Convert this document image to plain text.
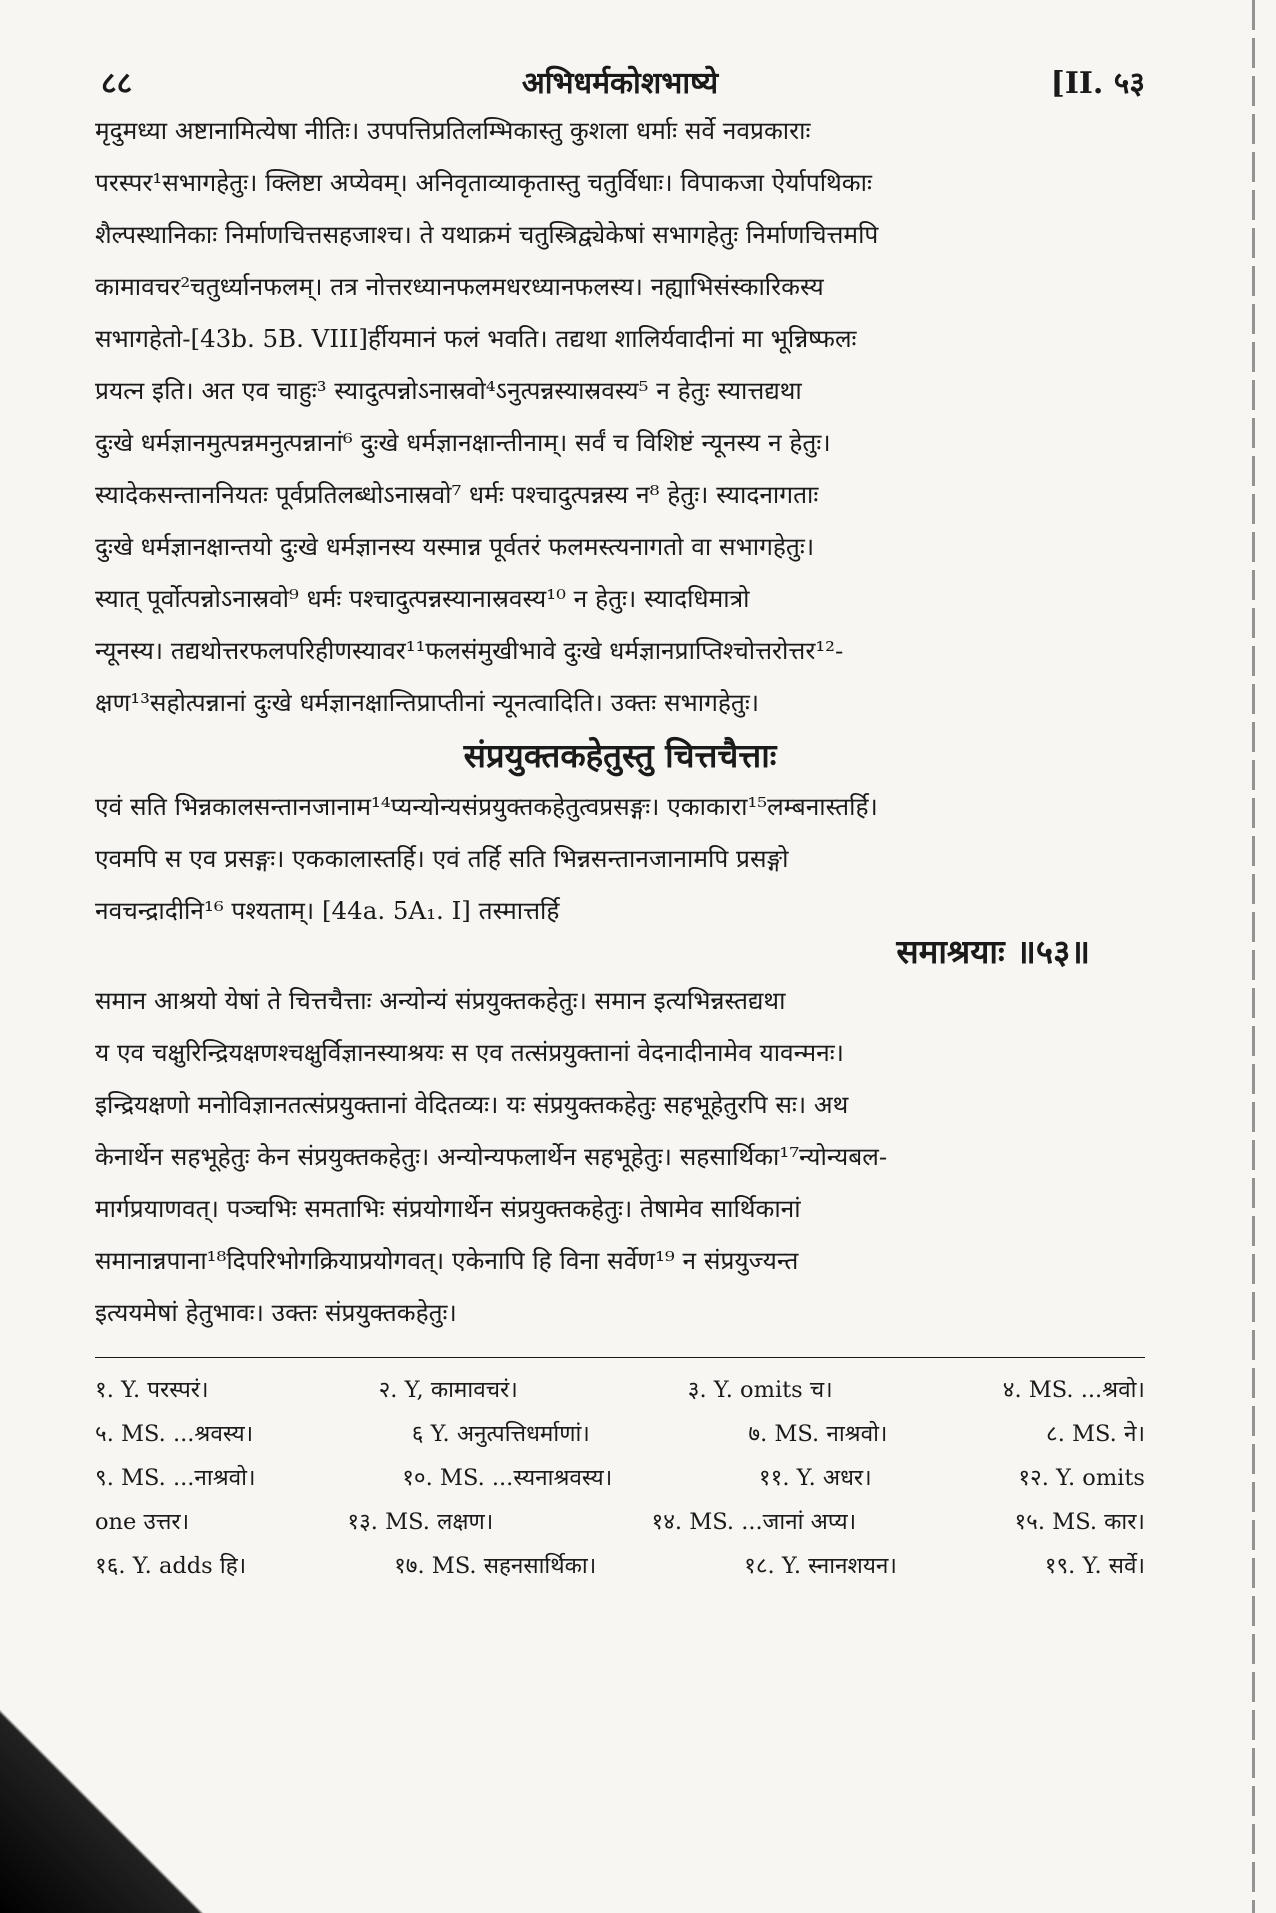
८८	अभिधर्मकोशभाष्ये	[II. ५३

मृदुमध्या अष्टानामित्येषा नीतिः। उपपत्तिप्रतिलम्भिकास्तु कुशला धर्माः सर्वे नवप्रकाराः

परस्पर¹सभागहेतुः। क्लिष्टा अप्येवम्। अनिवृताव्याकृतास्तु चतुर्विधाः। विपाकजा ऐर्यापथिकाः

शैल्पस्थानिकाः निर्माणचित्तसहजाश्च। ते यथाक्रमं चतुस्त्रिद्व्येकेषां सभागहेतुः निर्माणचित्तमपि

कामावचर²चतुर्ध्यानफलम्। तत्र नोत्तरध्यानफलमधरध्यानफलस्य। नह्याभिसंस्कारिकस्य

सभागहेतो-[43b. 5B. VIII]र्हीयमानं फलं भवति। तद्यथा शालिर्यवादीनां मा भून्निष्फलः

प्रयत्न इति। अत एव चाहुः³ स्यादुत्पन्नोऽनास्रवो⁴ऽनुत्पन्नस्यास्रवस्य⁵ न हेतुः स्यात्तद्यथा

दुःखे धर्मज्ञानमुत्पन्नमनुत्पन्नानां⁶ दुःखे धर्मज्ञानक्षान्तीनाम्। सर्वं च विशिष्टं न्यूनस्य न हेतुः।

स्यादेकसन्ताननियतः पूर्वप्रतिलब्धोऽनास्रवो⁷ धर्मः पश्चादुत्पन्नस्य न⁸ हेतुः। स्यादनागताः

दुःखे धर्मज्ञानक्षान्तयो दुःखे धर्मज्ञानस्य यस्मान्न पूर्वतरं फलमस्त्यनागतो वा सभागहेतुः।

स्यात् पूर्वोत्पन्नोऽनास्रवो⁹ धर्मः पश्चादुत्पन्नस्यानास्रवस्य¹⁰ न हेतुः। स्यादधिमात्रो

न्यूनस्य। तद्यथोत्तरफलपरिहीणस्यावर¹¹फलसंमुखीभावे दुःखे धर्मज्ञानप्राप्तिश्चोत्तरोत्तर¹²-

क्षण¹³सहोत्पन्नानां दुःखे धर्मज्ञानक्षान्तिप्राप्तीनां न्यूनत्वादिति। उक्तः सभागहेतुः।

संप्रयुक्तकहेतुस्तु चित्तचैत्ताः

एवं सति भिन्नकालसन्तानजानाम¹⁴प्यन्योन्यसंप्रयुक्तकहेतुत्वप्रसङ्गः। एकाकारा¹⁵लम्बनास्तर्हि।

एवमपि स एव प्रसङ्गः। एककालास्तर्हि। एवं तर्हि सति भिन्नसन्तानजानामपि प्रसङ्गो

नवचन्द्रादीनि¹⁶ पश्यताम्। [44a. 5A₁. I] तस्मात्तर्हि

समाश्रयाः ॥५३॥

समान आश्रयो येषां ते चित्तचैत्ताः अन्योन्यं संप्रयुक्तकहेतुः। समान इत्यभिन्नस्तद्यथा

य एव चक्षुरिन्द्रियक्षणश्चक्षुर्विज्ञानस्याश्रयः स एव तत्संप्रयुक्तानां वेदनादीनामेव यावन्मनः।

इन्द्रियक्षणो मनोविज्ञानतत्संप्रयुक्तानां वेदितव्यः। यः संप्रयुक्तकहेतुः सहभूहेतुरपि सः। अथ

केनार्थेन सहभूहेतुः केन संप्रयुक्तकहेतुः। अन्योन्यफलार्थेन सहभूहेतुः। सहसार्थिका¹⁷न्योन्यबल-

मार्गप्रयाणवत्। पञ्चभिः समताभिः संप्रयोगार्थेन संप्रयुक्तकहेतुः। तेषामेव सार्थिकानां

समानान्नपाना¹⁸दिपरिभोगक्रियाप्रयोगवत्। एकेनापि हि विना सर्वेण¹⁹ न संप्रयुज्यन्त

इत्ययमेषां हेतुभावः। उक्तः संप्रयुक्तकहेतुः।

१. Y. परस्परं।	२. Y, कामावचरं।	३. Y. omits च।	४. MS. ...श्रवो।
५. MS. ...श्रवस्य।	६ Y. अनुत्पत्तिधर्माणां।	७. MS. नाश्रवो।	८. MS. ने।
९. MS. ...नाश्रवो।	१०. MS. ...स्यनाश्रवस्य।	११. Y. अधर।	१२. Y. omits
one उत्तर।	१३. MS. लक्षण।	१४. MS. ...जानां अप्य।	१५. MS. कार।
१६. Y. adds हि।	१७. MS. सहनसार्थिका।	१८. Y. स्नानशयन।	१९. Y. सर्वे।
